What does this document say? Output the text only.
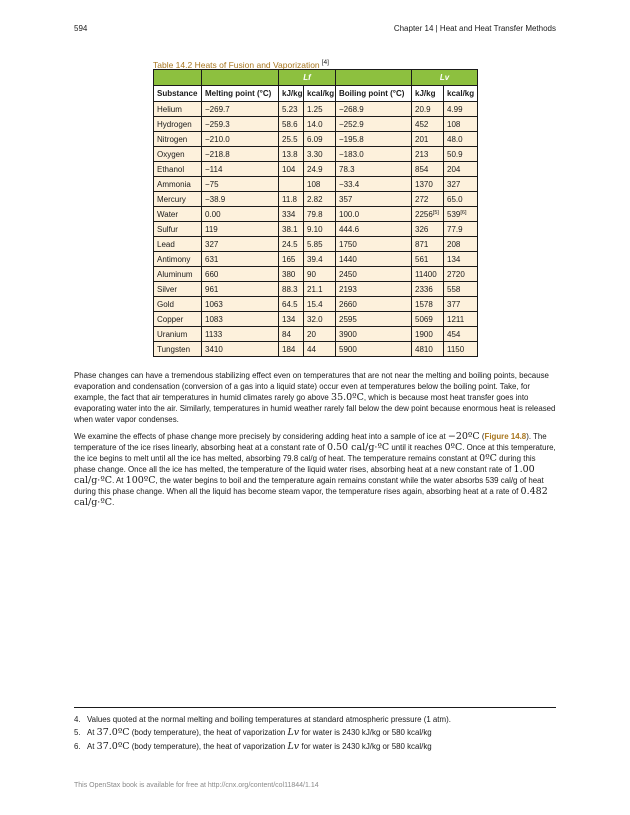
594	Chapter 14 | Heat and Heat Transfer Methods
Table 14.2 Heats of Fusion and Vaporization [4]
		Lf			Lv	
Substance	Melting point (°C)	kJ/kg	kcal/kg	Boiling point (°C)	kJ/kg	kcal/kg
Helium	−269.7	5.23	1.25	−268.9	20.9	4.99
Hydrogen	−259.3	58.6	14.0	−252.9	452	108
Nitrogen	−210.0	25.5	6.09	−195.8	201	48.0
Oxygen	−218.8	13.8	3.30	−183.0	213	50.9
Ethanol	−114	104	24.9	78.3	854	204
Ammonia	−75		108	−33.4	1370	327
Mercury	−38.9	11.8	2.82	357	272	65.0
Water	0.00	334	79.8	100.0	2256[5]	539[6]
Sulfur	119	38.1	9.10	444.6	326	77.9
Lead	327	24.5	5.85	1750	871	208
Antimony	631	165	39.4	1440	561	134
Aluminum	660	380	90	2450	11400	2720
Silver	961	88.3	21.1	2193	2336	558
Gold	1063	64.5	15.4	2660	1578	377
Copper	1083	134	32.0	2595	5069	1211
Uranium	1133	84	20	3900	1900	454
Tungsten	3410	184	44	5900	4810	1150

Phase changes can have a tremendous stabilizing effect even on temperatures that are not near the melting and boiling points, because evaporation and condensation (conversion of a gas into a liquid state) occur even at temperatures below the boiling point. Take, for example, the fact that air temperatures in humid climates rarely go above 35.0ºC, which is because most heat transfer goes into evaporating water into the air. Similarly, temperatures in humid weather rarely fall below the dew point because enormous heat is released when water vapor condenses.

We examine the effects of phase change more precisely by considering adding heat into a sample of ice at −20ºC (Figure 14.8). The temperature of the ice rises linearly, absorbing heat at a constant rate of 0.50 cal/g·ºC until it reaches 0ºC. Once at this temperature, the ice begins to melt until all the ice has melted, absorbing 79.8 cal/g of heat. The temperature remains constant at 0ºC during this phase change. Once all the ice has melted, the temperature of the liquid water rises, absorbing heat at a new constant rate of 1.00 cal/g·ºC. At 100ºC, the water begins to boil and the temperature again remains constant while the water absorbs 539 cal/g of heat during this phase change. When all the liquid has become steam vapor, the temperature rises again, absorbing heat at a rate of 0.482 cal/g·ºC.

4. Values quoted at the normal melting and boiling temperatures at standard atmospheric pressure (1 atm).

5. At 37.0ºC (body temperature), the heat of vaporization Lv for water is 2430 kJ/kg or 580 kcal/kg

6. At 37.0ºC (body temperature), the heat of vaporization Lv for water is 2430 kJ/kg or 580 kcal/kg

This OpenStax book is available for free at http://cnx.org/content/col11844/1.14
